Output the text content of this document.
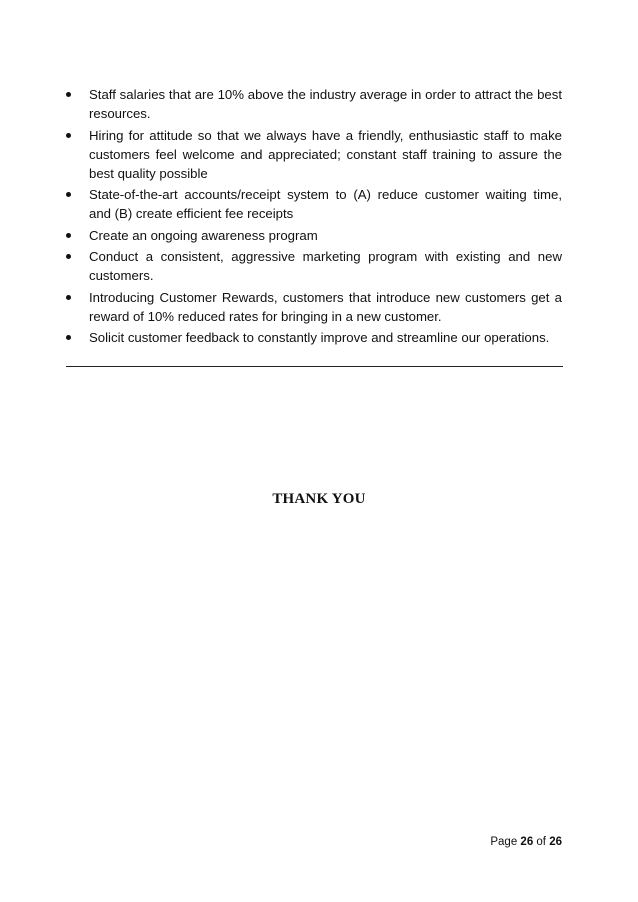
Staff salaries that are 10% above the industry average in order to attract the best resources.
Hiring for attitude so that we always have a friendly, enthusiastic staff to make customers feel welcome and appreciated; constant staff training to assure the best quality possible
State-of-the-art accounts/receipt system to (A) reduce customer waiting time, and (B) create efficient fee receipts
Create an ongoing awareness program
Conduct a consistent, aggressive marketing program with existing and new customers.
Introducing Customer Rewards, customers that introduce new customers get a reward of 10% reduced rates for bringing in a new customer.
Solicit customer feedback to constantly improve and streamline our operations.
THANK YOU
Page 26 of 26
